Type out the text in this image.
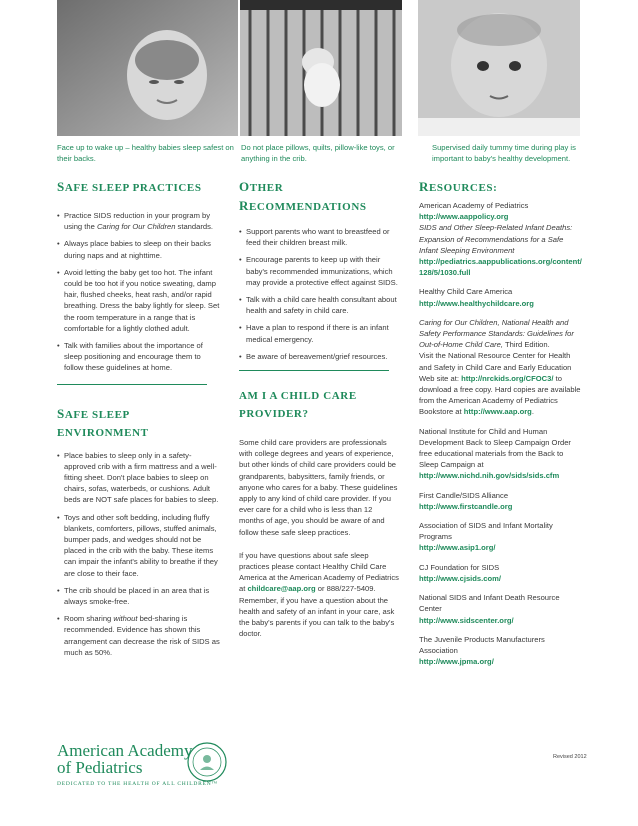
Face up to wake up – healthy babies sleep safest on their backs.
Do not place pillows, quilts, pillow-like toys, or anything in the crib.
Supervised daily tummy time during play is important to baby's healthy development.
SAFE SLEEP PRACTICES
• Practice SIDS reduction in your program by using the Caring for Our Children standards.
• Always place babies to sleep on their backs during naps and at nighttime.
• Avoid letting the baby get too hot. The infant could be too hot if you notice sweating, damp hair, flushed cheeks, heat rash, and/or rapid breathing. Dress the baby lightly for sleep. Set the room temperature in a range that is comfortable for a lightly clothed adult.
• Talk with families about the importance of sleep positioning and encourage them to follow these guidelines at home.
SAFE SLEEP ENVIRONMENT
• Place babies to sleep only in a safety-approved crib with a firm mattress and a well-fitting sheet. Don't place babies to sleep on chairs, sofas, waterbeds, or cushions. Adult beds are NOT safe places for babies to sleep.
• Toys and other soft bedding, including fluffy blankets, comforters, pillows, stuffed animals, bumper pads, and wedges should not be placed in the crib with the baby. These items can impair the infant's ability to breathe if they are close to their face.
• The crib should be placed in an area that is always smoke-free.
• Room sharing without bed-sharing is recommended. Evidence has shown this arrangement can decrease the risk of SIDS as much as 50%.
OTHER
RECOMMENDATIONS
• Support parents who want to breastfeed or feed their children breast milk.
• Encourage parents to keep up with their baby's recommended immunizations, which may provide a protective effect against SIDS.
• Talk with a child care health consultant about health and safety in child care.
• Have a plan to respond if there is an infant medical emergency.
• Be aware of bereavement/grief resources.
AM I A CHILD CARE
PROVIDER?

Some child care providers are professionals with college degrees and years of experience, but other kinds of child care providers could be grandparents, babysitters, family friends, or anyone who cares for a baby. These guidelines apply to any kind of child care provider. If you ever care for a child who is less than 12 months of age, you should be aware of and follow these safe sleep practices.

If you have questions about safe sleep practices please contact Healthy Child Care America at the American Academy of Pediatrics at childcare@aap.org or 888/227-5409. Remember, if you have a question about the health and safety of an infant in your care, ask the baby's parents if you can talk to the baby's doctor.

RESOURCES:
American Academy of Pediatrics
http://www.aappolicy.org
SIDS and Other Sleep-Related Infant Deaths: Expansion of Recommendations for a Safe Infant Sleeping Environment
http://pediatrics.aappublications.org/content/128/5/1030.full
Healthy Child Care America
http://www.healthychildcare.org
Caring for Our Children, National Health and Safety Performance Standards: Guidelines for Out-of-Home Child Care, Third Edition.
Visit the National Resource Center for Health and Safety in Child Care and Early Education Web site at: http://nrckids.org/CFOC3/ to download a free copy. Hard copies are available from the American Academy of Pediatrics Bookstore at http://www.aap.org.
National Institute for Child and Human Development Back to Sleep Campaign Order free educational materials from the Back to Sleep Campaign at
http://www.nichd.nih.gov/sids/sids.cfm
First Candle/SIDS Alliance
http://www.firstcandle.org
Association of SIDS and Infant Mortality Programs
http://www.asip1.org/
CJ Foundation for SIDS
http://www.cjsids.com/
National SIDS and Infant Death Resource Center
http://www.sidscenter.org/
The Juvenile Products Manufacturers Association
http://www.jpma.org/
American Academy
of Pediatrics
DEDICATED TO THE HEALTH OF ALL CHILDREN™
Revised 2012
